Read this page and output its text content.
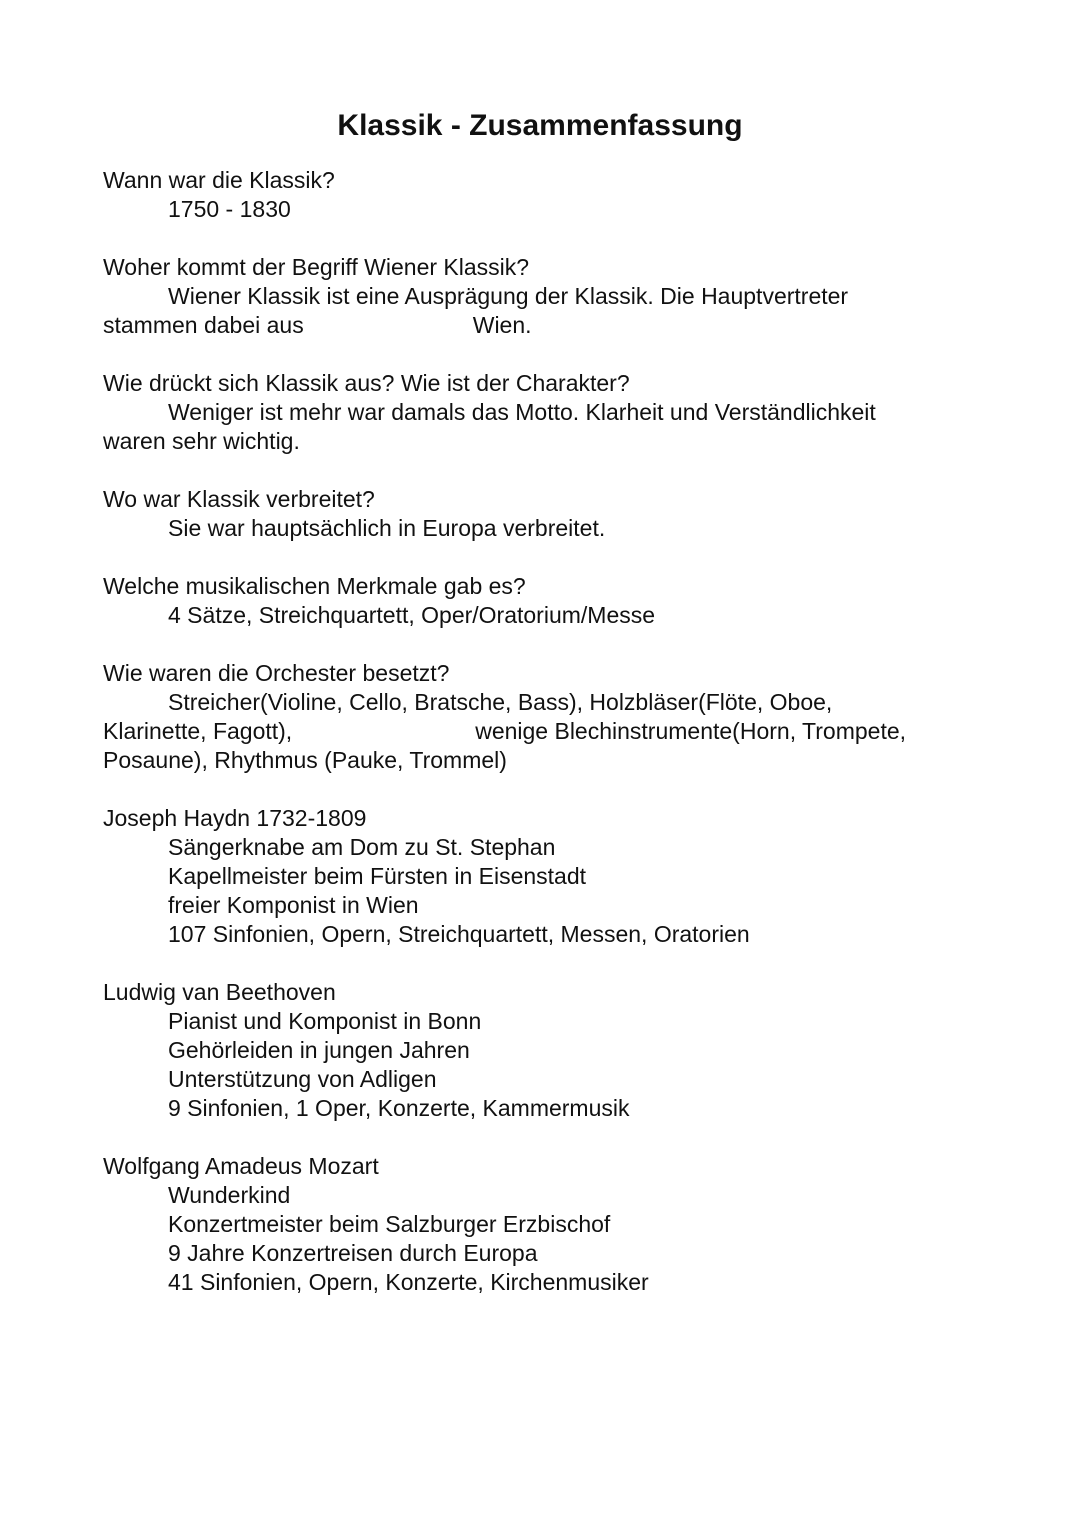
Klassik - Zusammenfassung

Wann war die Klassik?

1750 - 1830

Woher kommt der Begriff Wiener Klassik?

Wiener Klassik ist eine Ausprägung der Klassik. Die Hauptvertreter

stammen dabei aus	Wien.

Wie drückt sich Klassik aus? Wie ist der Charakter?

Weniger ist mehr war damals das Motto. Klarheit und Verständlichkeit

waren sehr wichtig.

Wo war Klassik verbreitet?

Sie war hauptsächlich in Europa verbreitet.

Welche musikalischen Merkmale gab es?

4 Sätze, Streichquartett, Oper/Oratorium/Messe

Wie waren die Orchester besetzt?

Streicher(Violine, Cello, Bratsche, Bass), Holzbläser(Flöte, Oboe,

Klarinette, Fagott),	wenige Blechinstrumente(Horn, Trompete,

Posaune), Rhythmus (Pauke, Trommel)

Joseph Haydn 1732-1809

Sängerknabe am Dom zu St. Stephan

Kapellmeister beim Fürsten in Eisenstadt

freier Komponist in Wien

107 Sinfonien, Opern, Streichquartett, Messen, Oratorien

Ludwig van Beethoven

Pianist und Komponist in Bonn

Gehörleiden in jungen Jahren

Unterstützung von Adligen

9 Sinfonien, 1 Oper, Konzerte, Kammermusik

Wolfgang Amadeus Mozart

Wunderkind

Konzertmeister beim Salzburger Erzbischof

9 Jahre Konzertreisen durch Europa

41 Sinfonien, Opern, Konzerte, Kirchenmusiker
